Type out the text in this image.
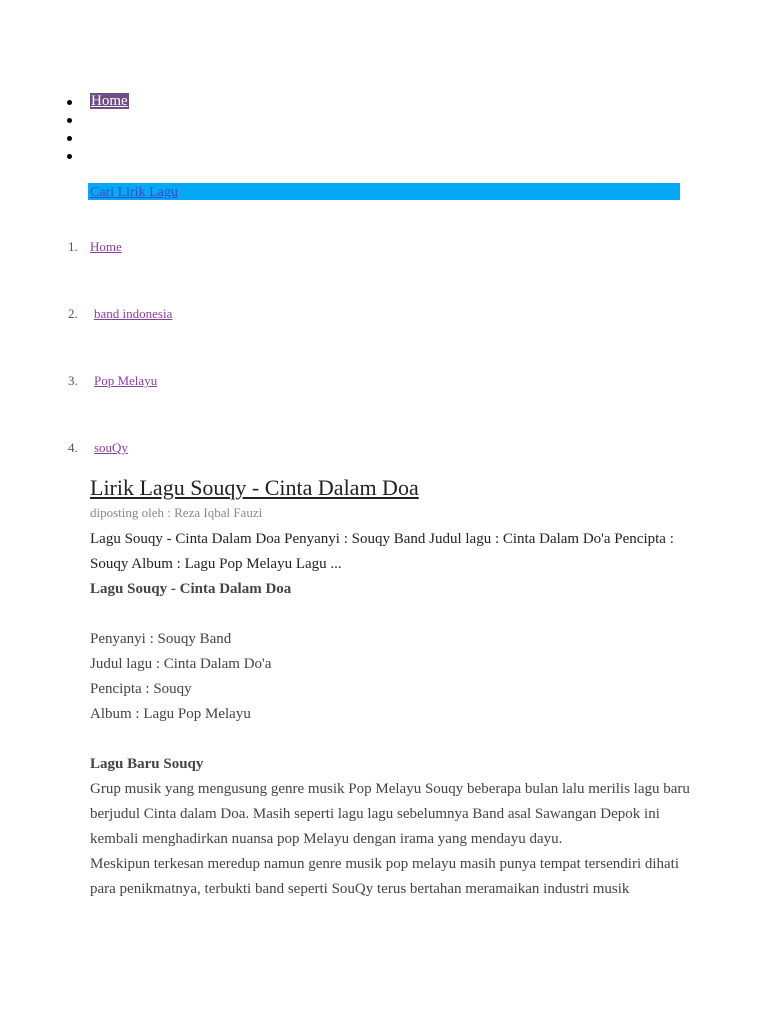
Home
Cari Lirik Lagu
1. Home
2. band indonesia
3. Pop Melayu
4. souQy
Lirik Lagu Souqy - Cinta Dalam Doa
diposting oleh : Reza Iqbal Fauzi
Lagu Souqy - Cinta Dalam Doa Penyanyi : Souqy Band Judul lagu : Cinta Dalam Do'a Pencipta : Souqy Album : Lagu Pop Melayu Lagu ...
Lagu Souqy - Cinta Dalam Doa
Penyanyi : Souqy Band
Judul lagu : Cinta Dalam Do'a
Pencipta : Souqy
Album : Lagu Pop Melayu
Lagu Baru Souqy
Grup musik yang mengusung genre musik Pop Melayu Souqy beberapa bulan lalu merilis lagu baru berjudul Cinta dalam Doa. Masih seperti lagu lagu sebelumnya Band asal Sawangan Depok ini kembali menghadirkan nuansa pop Melayu dengan irama yang mendayu dayu.
Meskipun terkesan meredup namun genre musik pop melayu masih punya tempat tersendiri dihati para penikmatnya, terbukti band seperti SouQy terus bertahan meramaikan industri musik
